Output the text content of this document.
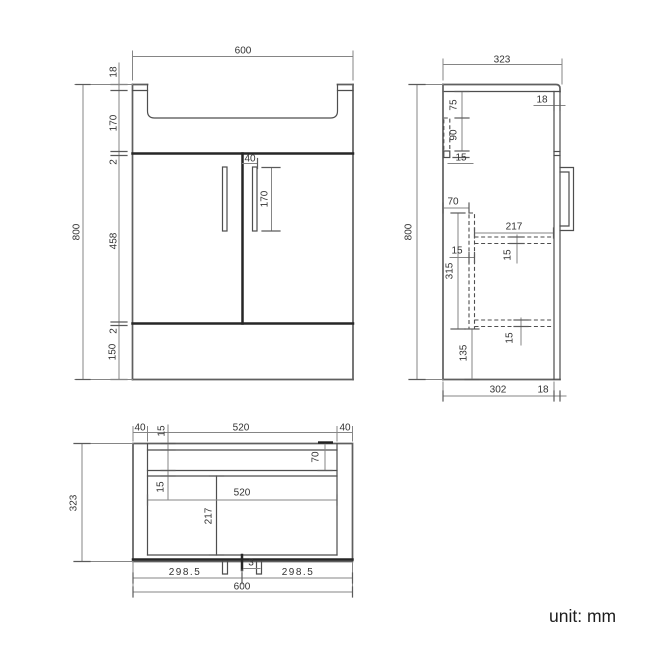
600
18
170
2
458
2
150
800
40
170
323
18
800
75
90
15
70
315
15
217
15
15
135
302	18
40 15	520	40
323
70
15
520
217
3
298.5	298.5
600
unit: mm
